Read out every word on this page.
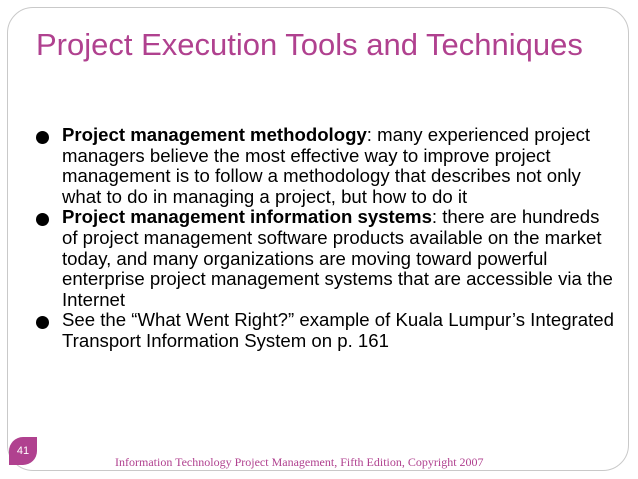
Project Execution Tools and Techniques
Project management methodology: many experienced project managers believe the most effective way to improve project management is to follow a methodology that describes not only what to do in managing a project, but how to do it
Project management information systems: there are hundreds of project management software products available on the market today, and many organizations are moving toward powerful enterprise project management systems that are accessible via the Internet
See the “What Went Right?” example of Kuala Lumpur’s Integrated Transport Information System on p. 161
41
Information Technology Project Management, Fifth Edition, Copyright 2007
